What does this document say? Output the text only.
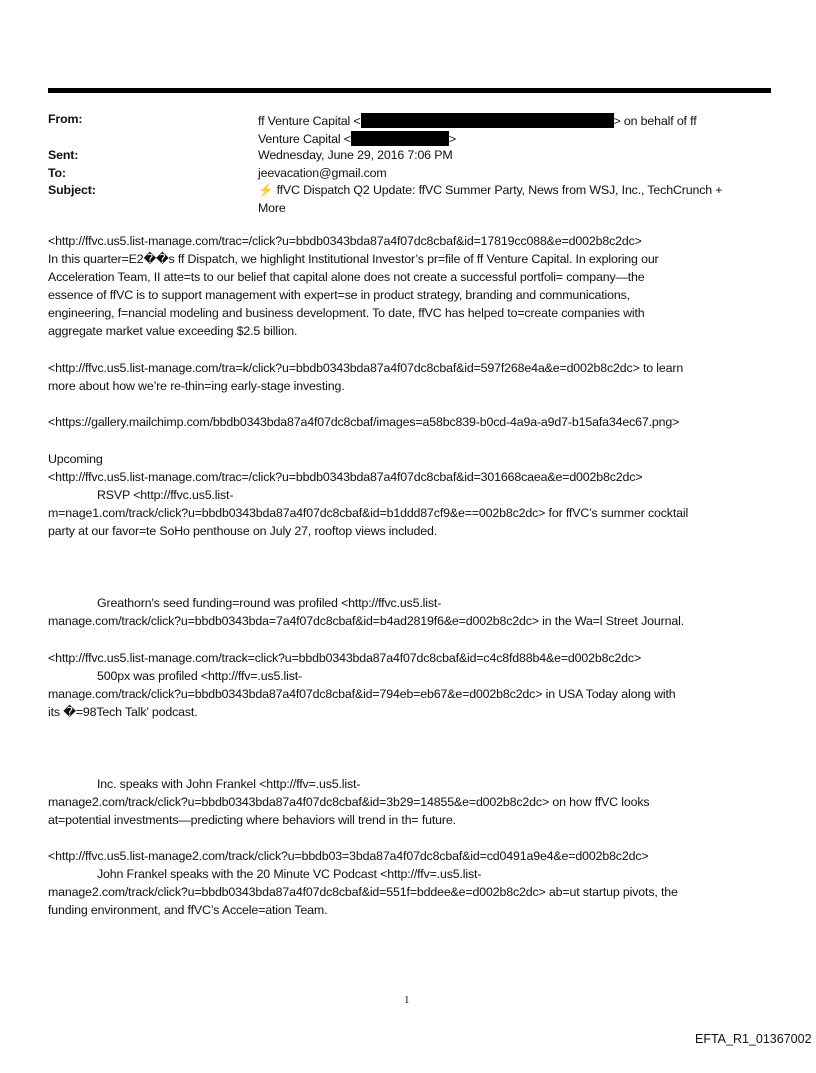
From:	ff Venture Capital <	> on behalf of ff
Venture Capital <	>
Sent:	Wednesday, June 29, 2016 7:06 PM
To:	jeevacation@gmail.com
Subject:	⚡ ffVC Dispatch Q2 Update: ffVC Summer Party, News from WSJ, Inc., TechCrunch +
More
<http://ffvc.us5.list-manage.com/trac=/click?u=bbdb0343bda87a4f07dc8cbaf&id=17819cc088&e=d002b8c2dc>
In this quarter=E2��s ff Dispatch, we highlight Institutional Investor’s pr=file of ff Venture Capital. In exploring our
Acceleration Team, II atte=ts to our belief that capital alone does not create a successful portfoli= company—the
essence of ffVC is to support management with expert=se in product strategy, branding and communications,
engineering, f=nancial modeling and business development. To date, ffVC has helped to=create companies with
aggregate market value exceeding $2.5 billion.
<http://ffvc.us5.list-manage.com/tra=k/click?u=bbdb0343bda87a4f07dc8cbaf&id=597f268e4a&e=d002b8c2dc> to learn
more about how we’re re-thin=ing early-stage investing.
<https://gallery.mailchimp.com/bbdb0343bda87a4f07dc8cbaf/images=a58bc839-b0cd-4a9a-a9d7-b15afa34ec67.png>
Upcoming
<http://ffvc.us5.list-manage.com/trac=/click?u=bbdb0343bda87a4f07dc8cbaf&id=301668caea&e=d002b8c2dc>
RSVP <http://ffvc.us5.list-
m=nage1.com/track/click?u=bbdb0343bda87a4f07dc8cbaf&id=b1ddd87cf9&e==002b8c2dc> for ffVC’s summer cocktail
party at our favor=te SoHo penthouse on July 27, rooftop views included.
Greathorn's seed funding=round was profiled <http://ffvc.us5.list-
manage.com/track/click?u=bbdb0343bda=7a4f07dc8cbaf&id=b4ad2819f6&e=d002b8c2dc> in the Wa=l Street Journal.
<http://ffvc.us5.list-manage.com/track=click?u=bbdb0343bda87a4f07dc8cbaf&id=c4c8fd88b4&e=d002b8c2dc>
500px was profiled <http://ffv=.us5.list-
manage.com/track/click?u=bbdb0343bda87a4f07dc8cbaf&id=794eb=eb67&e=d002b8c2dc> in USA Today along with
its �=98Tech Talk’ podcast.
Inc. speaks with John Frankel <http://ffv=.us5.list-
manage2.com/track/click?u=bbdb0343bda87a4f07dc8cbaf&id=3b29=14855&e=d002b8c2dc> on how ffVC looks
at=potential investments—predicting where behaviors will trend in th= future.
<http://ffvc.us5.list-manage2.com/track/click?u=bbdb03=3bda87a4f07dc8cbaf&id=cd0491a9e4&e=d002b8c2dc>
John Frankel speaks with the 20 Minute VC Podcast <http://ffv=.us5.list-
manage2.com/track/click?u=bbdb0343bda87a4f07dc8cbaf&id=551f=bddee&e=d002b8c2dc> ab=ut startup pivots, the
funding environment, and ffVC’s Accele=ation Team.
1
EFTA_R1_01367002
